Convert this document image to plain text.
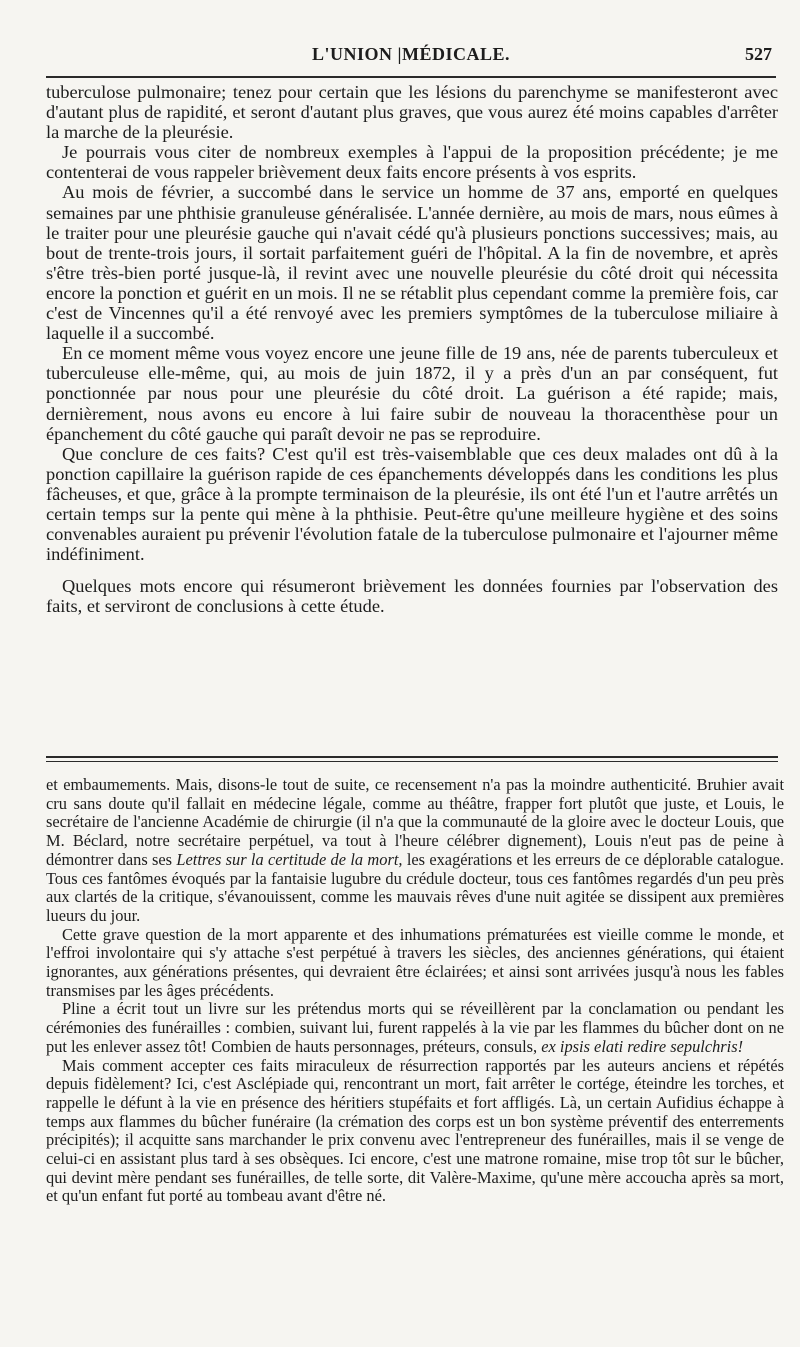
L'UNION |MÉDICALE.	527

tuberculose pulmonaire; tenez pour certain que les lésions du parenchyme se manifesteront avec d'autant plus de rapidité, et seront d'autant plus graves, que vous aurez été moins capables d'arrêter la marche de la pleurésie.

Je pourrais vous citer de nombreux exemples à l'appui de la proposition précédente; je me contenterai de vous rappeler brièvement deux faits encore présents à vos esprits.

Au mois de février, a succombé dans le service un homme de 37 ans, emporté en quelques semaines par une phthisie granuleuse généralisée. L'année dernière, au mois de mars, nous eûmes à le traiter pour une pleurésie gauche qui n'avait cédé qu'à plusieurs ponctions successives; mais, au bout de trente-trois jours, il sortait parfaitement guéri de l'hôpital. A la fin de novembre, et après s'être très-bien porté jusque-là, il revint avec une nouvelle pleurésie du côté droit qui nécessita encore la ponction et guérit en un mois. Il ne se rétablit plus cependant comme la première fois, car c'est de Vincennes qu'il a été renvoyé avec les premiers symptômes de la tuberculose miliaire à laquelle il a succombé.

En ce moment même vous voyez encore une jeune fille de 19 ans, née de parents tuberculeux et tuberculeuse elle-même, qui, au mois de juin 1872, il y a près d'un an par conséquent, fut ponctionnée par nous pour une pleurésie du côté droit. La guérison a été rapide; mais, dernièrement, nous avons eu encore à lui faire subir de nouveau la thoracenthèse pour un épanchement du côté gauche qui paraît devoir ne pas se reproduire.

Que conclure de ces faits? C'est qu'il est très-vaisemblable que ces deux malades ont dû à la ponction capillaire la guérison rapide de ces épanchements développés dans les conditions les plus fâcheuses, et que, grâce à la prompte terminaison de la pleurésie, ils ont été l'un et l'autre arrêtés un certain temps sur la pente qui mène à la phthisie. Peut-être qu'une meilleure hygiène et des soins convenables auraient pu prévenir l'évolution fatale de la tuberculose pulmonaire et l'ajourner même indéfiniment.

Quelques mots encore qui résumeront brièvement les données fournies par l'observation des faits, et serviront de conclusions à cette étude.

et embaumements. Mais, disons-le tout de suite, ce recensement n'a pas la moindre authenticité. Bruhier avait cru sans doute qu'il fallait en médecine légale, comme au théâtre, frapper fort plutôt que juste, et Louis, le secrétaire de l'ancienne Académie de chirurgie (il n'a que la communauté de la gloire avec le docteur Louis, que M. Béclard, notre secrétaire perpétuel, va tout à l'heure célébrer dignement), Louis n'eut pas de peine à démontrer dans ses Lettres sur la certitude de la mort, les exagérations et les erreurs de ce déplorable catalogue. Tous ces fantômes évoqués par la fantaisie lugubre du crédule docteur, tous ces fantômes regardés d'un peu près aux clartés de la critique, s'évanouissent, comme les mauvais rêves d'une nuit agitée se dissipent aux premières lueurs du jour.

Cette grave question de la mort apparente et des inhumations prématurées est vieille comme le monde, et l'effroi involontaire qui s'y attache s'est perpétué à travers les siècles, des anciennes générations, qui étaient ignorantes, aux générations présentes, qui devraient être éclairées; et ainsi sont arrivées jusqu'à nous les fables transmises par les âges précédents.

Pline a écrit tout un livre sur les prétendus morts qui se réveillèrent par la conclamation ou pendant les cérémonies des funérailles : combien, suivant lui, furent rappelés à la vie par les flammes du bûcher dont on ne put les enlever assez tôt! Combien de hauts personnages, préteurs, consuls, ex ipsis elati redire sepulchris!

Mais comment accepter ces faits miraculeux de résurrection rapportés par les auteurs anciens et répétés depuis fidèlement? Ici, c'est Asclépiade qui, rencontrant un mort, fait arrêter le cortége, éteindre les torches, et rappelle le défunt à la vie en présence des héritiers stupéfaits et fort affligés. Là, un certain Aufidius échappe à temps aux flammes du bûcher funéraire (la crémation des corps est un bon système préventif des enterrements précipités); il acquitte sans marchander le prix convenu avec l'entrepreneur des funérailles, mais il se venge de celui-ci en assistant plus tard à ses obsèques. Ici encore, c'est une matrone romaine, mise trop tôt sur le bûcher, qui devint mère pendant ses funérailles, de telle sorte, dit Valère-Maxime, qu'une mère accoucha après sa mort, et qu'un enfant fut porté au tombeau avant d'être né.
